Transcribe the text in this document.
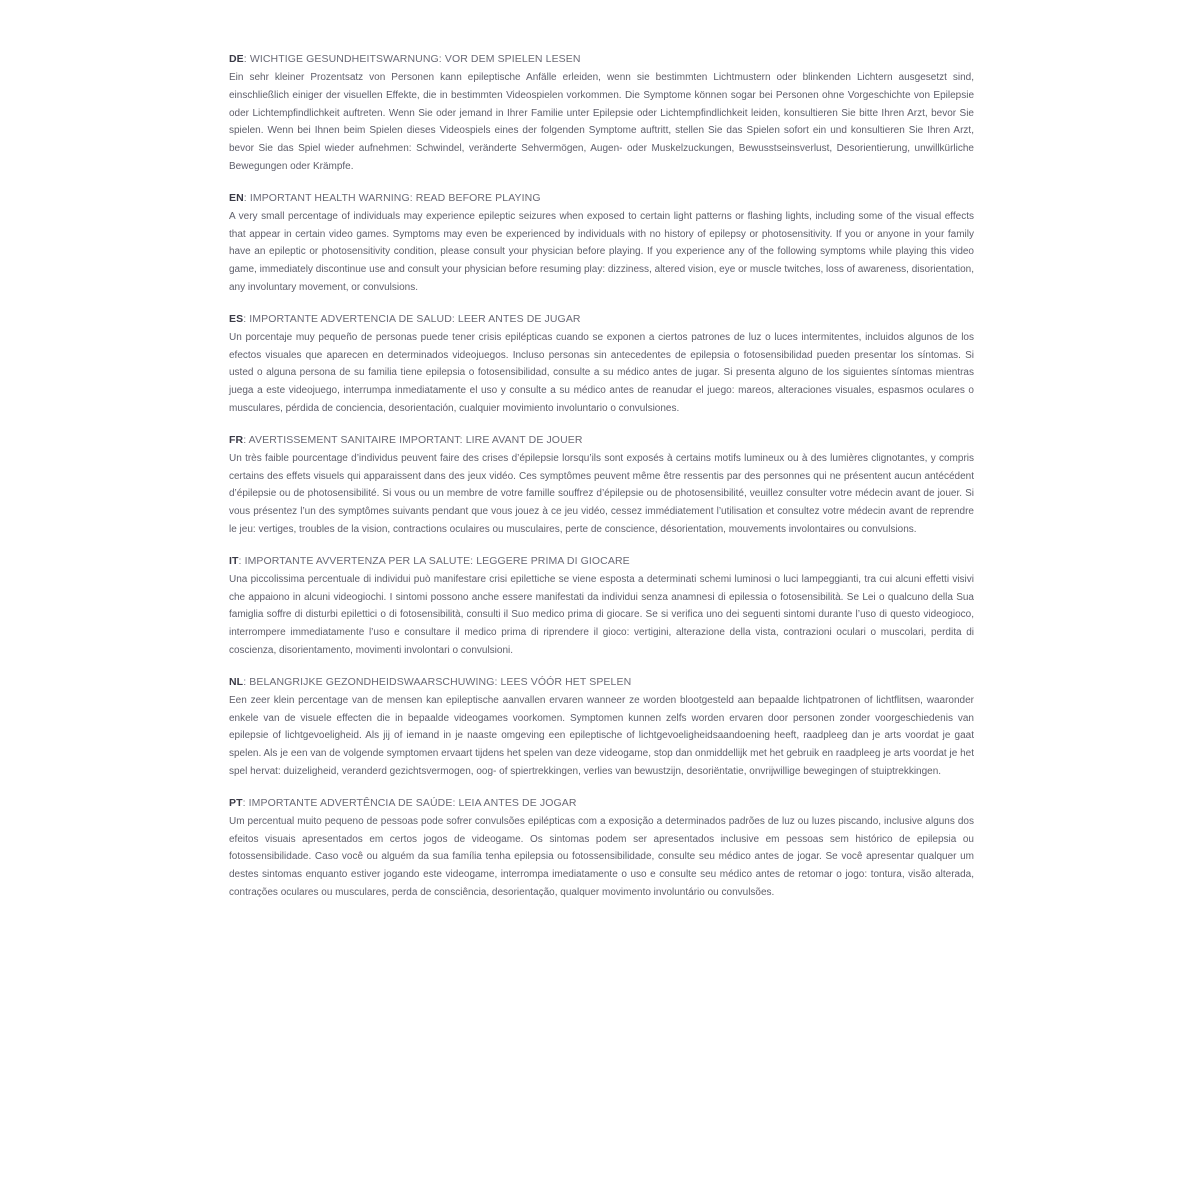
DE: WICHTIGE GESUNDHEITSWARNUNG: VOR DEM SPIELEN LESEN

Ein sehr kleiner Prozentsatz von Personen kann epileptische Anfälle erleiden, wenn sie bestimmten Lichtmustern oder blinkenden Lichtern ausgesetzt sind, einschließlich einiger der visuellen Effekte, die in bestimmten Videospielen vorkommen. Die Symptome können sogar bei Personen ohne Vorgeschichte von Epilepsie oder Lichtempfindlichkeit auftreten. Wenn Sie oder jemand in Ihrer Familie unter Epilepsie oder Lichtempfindlichkeit leiden, konsultieren Sie bitte Ihren Arzt, bevor Sie spielen. Wenn bei Ihnen beim Spielen dieses Videospiels eines der folgenden Symptome auftritt, stellen Sie das Spielen sofort ein und konsultieren Sie Ihren Arzt, bevor Sie das Spiel wieder aufnehmen: Schwindel, veränderte Sehvermögen, Augen- oder Muskelzuckungen, Bewusstseinsverlust, Desorientierung, unwillkürliche Bewegungen oder Krämpfe.

EN: IMPORTANT HEALTH WARNING: READ BEFORE PLAYING

A very small percentage of individuals may experience epileptic seizures when exposed to certain light patterns or flashing lights, including some of the visual effects that appear in certain video games. Symptoms may even be experienced by individuals with no history of epilepsy or photosensitivity. If you or anyone in your family have an epileptic or photosensitivity condition, please consult your physician before playing. If you experience any of the following symptoms while playing this video game, immediately discontinue use and consult your physician before resuming play: dizziness, altered vision, eye or muscle twitches, loss of awareness, disorientation, any involuntary movement, or convulsions.

ES: IMPORTANTE ADVERTENCIA DE SALUD: LEER ANTES DE JUGAR

Un porcentaje muy pequeño de personas puede tener crisis epilépticas cuando se exponen a ciertos patrones de luz o luces intermitentes, incluidos algunos de los efectos visuales que aparecen en determinados videojuegos. Incluso personas sin antecedentes de epilepsia o fotosensibilidad pueden presentar los síntomas. Si usted o alguna persona de su familia tiene epilepsia o fotosensibilidad, consulte a su médico antes de jugar. Si presenta alguno de los siguientes síntomas mientras juega a este videojuego, interrumpa inmediatamente el uso y consulte a su médico antes de reanudar el juego: mareos, alteraciones visuales, espasmos oculares o musculares, pérdida de conciencia, desorientación, cualquier movimiento involuntario o convulsiones.

FR: AVERTISSEMENT SANITAIRE IMPORTANT: LIRE AVANT DE JOUER

Un très faible pourcentage d’individus peuvent faire des crises d’épilepsie lorsqu’ils sont exposés à certains motifs lumineux ou à des lumières clignotantes, y compris certains des effets visuels qui apparaissent dans des jeux vidéo. Ces symptômes peuvent même être ressentis par des personnes qui ne présentent aucun antécédent d’épilepsie ou de photosensibilité. Si vous ou un membre de votre famille souffrez d’épilepsie ou de photosensibilité, veuillez consulter votre médecin avant de jouer. Si vous présentez l’un des symptômes suivants pendant que vous jouez à ce jeu vidéo, cessez immédiatement l’utilisation et consultez votre médecin avant de reprendre le jeu: vertiges, troubles de la vision, contractions oculaires ou musculaires, perte de conscience, désorientation, mouvements involontaires ou convulsions.

IT: IMPORTANTE AVVERTENZA PER LA SALUTE: LEGGERE PRIMA DI GIOCARE

Una piccolissima percentuale di individui può manifestare crisi epilettiche se viene esposta a determinati schemi luminosi o luci lampeggianti, tra cui alcuni effetti visivi che appaiono in alcuni videogiochi. I sintomi possono anche essere manifestati da individui senza anamnesi di epilessia o fotosensibilità. Se Lei o qualcuno della Sua famiglia soffre di disturbi epilettici o di fotosensibilità, consulti il Suo medico prima di giocare. Se si verifica uno dei seguenti sintomi durante l’uso di questo videogioco, interrompere immediatamente l’uso e consultare il medico prima di riprendere il gioco: vertigini, alterazione della vista, contrazioni oculari o muscolari, perdita di coscienza, disorientamento, movimenti involontari o convulsioni.

NL: BELANGRIJKE GEZONDHEIDSWAARSCHUWING: LEES VÓÓR HET SPELEN

Een zeer klein percentage van de mensen kan epileptische aanvallen ervaren wanneer ze worden blootgesteld aan bepaalde lichtpatronen of lichtflitsen, waaronder enkele van de visuele effecten die in bepaalde videogames voorkomen. Symptomen kunnen zelfs worden ervaren door personen zonder voorgeschiedenis van epilepsie of lichtgevoeligheid. Als jij of iemand in je naaste omgeving een epileptische of lichtgevoeligheidsaandoening heeft, raadpleeg dan je arts voordat je gaat spelen. Als je een van de volgende symptomen ervaart tijdens het spelen van deze videogame, stop dan onmiddellijk met het gebruik en raadpleeg je arts voordat je het spel hervat: duizeligheid, veranderd gezichtsvermogen, oog- of spiertrekkingen, verlies van bewustzijn, desoriëntatie, onvrijwillige bewegingen of stuiptrekkingen.

PT: IMPORTANTE ADVERTÊNCIA DE SAÚDE: LEIA ANTES DE JOGAR

Um percentual muito pequeno de pessoas pode sofrer convulsões epilépticas com a exposição a determinados padrões de luz ou luzes piscando, inclusive alguns dos efeitos visuais apresentados em certos jogos de videogame. Os sintomas podem ser apresentados inclusive em pessoas sem histórico de epilepsia ou fotossensibilidade. Caso você ou alguém da sua família tenha epilepsia ou fotossensibilidade, consulte seu médico antes de jogar. Se você apresentar qualquer um destes sintomas enquanto estiver jogando este videogame, interrompa imediatamente o uso e consulte seu médico antes de retomar o jogo: tontura, visão alterada, contrações oculares ou musculares, perda de consciência, desorientação, qualquer movimento involuntário ou convulsões.
